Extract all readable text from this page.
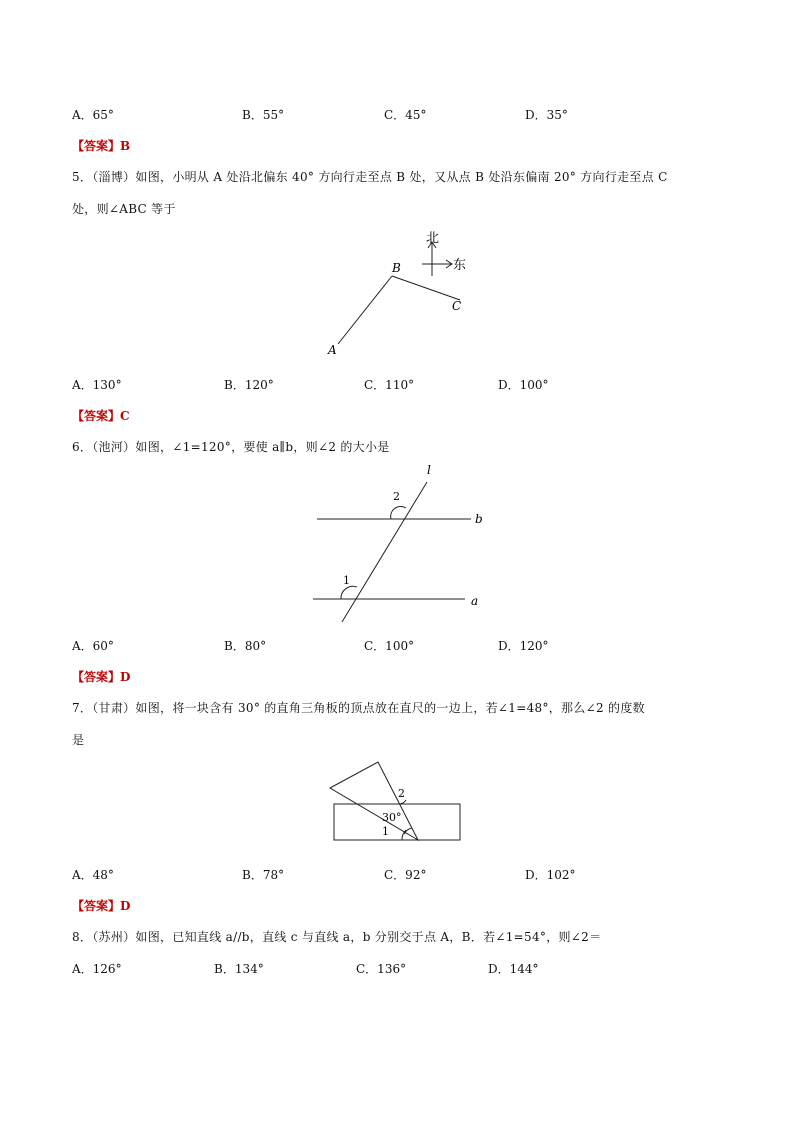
A．65°	B．55°	C．45°	D．35°
【答案】B
5．（淄博）如图，小明从 A 处沿北偏东 40° 方向行走至点 B 处，又从点 B 处沿东偏南 20° 方向行走至点 C
处，则∠ABC 等于
北
东
A
B
C
A．130°	B．120°	C．110°	D．100°
【答案】C
6．（池河）如图，∠1=120°，要使 a∥b，则∠2 的大小是
l
b
a
2
1
A．60°	B．80°	C．100°	D．120°
【答案】D
7．（甘肃）如图，将一块含有 30° 的直角三角板的顶点放在直尺的一边上，若∠1=48°，那么∠2 的度数
是
2
30°
1
A．48°	B．78°	C．92°	D．102°
【答案】D
8．（苏州）如图，已知直线 a//b，直线 c 与直线 a，b 分别交于点 A，B．若∠1=54°，则∠2＝
A．126°	B．134°	C．136°	D．144°
